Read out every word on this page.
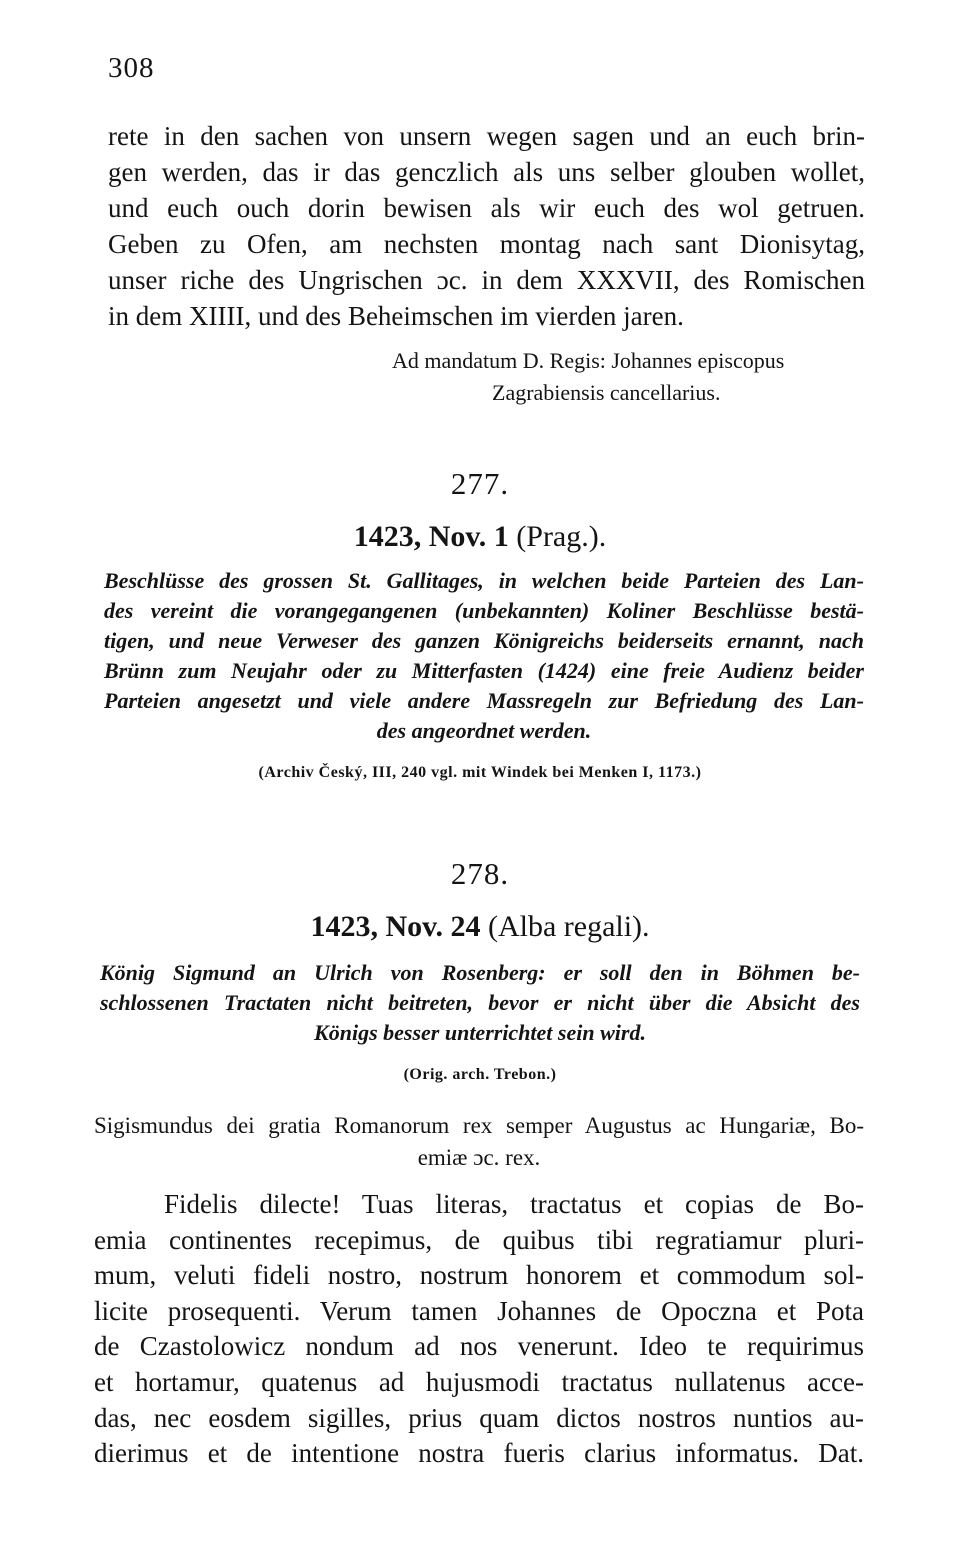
308

rete in den sachen von unsern wegen sagen und an euch brin-

gen werden, das ir das genczlich als uns selber glouben wollet,

und euch ouch dorin bewisen als wir euch des wol getruen.

Geben zu Ofen, am nechsten montag nach sant Dionisytag,

unser riche des Ungrischen ɔc. in dem XXXVII, des Romischen

in dem XIIII, und des Beheimschen im vierden jaren.

Ad mandatum D. Regis: Johannes episcopus
Zagrabiensis cancellarius.
277.
1423, Nov. 1 (Prag.).

Beschlüsse des grossen St. Gallitages, in welchen beide Parteien des Lan-

des vereint die vorangegangenen (unbekannten) Koliner Beschlüsse bestä-

tigen, und neue Verweser des ganzen Königreichs beiderseits ernannt, nach

Brünn zum Neujahr oder zu Mitterfasten (1424) eine freie Audienz beider

Parteien angesetzt und viele andere Massregeln zur Befriedung des Lan-

des angeordnet werden.

(Archiv Český, III, 240 vgl. mit Windek bei Menken I, 1173.)
278.
1423, Nov. 24 (Alba regali).

König Sigmund an Ulrich von Rosenberg: er soll den in Böhmen be-

schlossenen Tractaten nicht beitreten, bevor er nicht über die Absicht des

Königs besser unterrichtet sein wird.

(Orig. arch. Trebon.)

Sigismundus dei gratia Romanorum rex semper Augustus ac Hungariæ, Bo-

emiæ ɔc. rex.

Fidelis dilecte! Tuas literas, tractatus et copias de Bo-

emia continentes recepimus, de quibus tibi regratiamur pluri-

mum, veluti fideli nostro, nostrum honorem et commodum sol-

licite prosequenti. Verum tamen Johannes de Opoczna et Pota

de Czastolowicz nondum ad nos venerunt. Ideo te requirimus

et hortamur, quatenus ad hujusmodi tractatus nullatenus acce-

das, nec eosdem sigilles, prius quam dictos nostros nuntios au-

dierimus et de intentione nostra fueris clarius informatus. Dat.
